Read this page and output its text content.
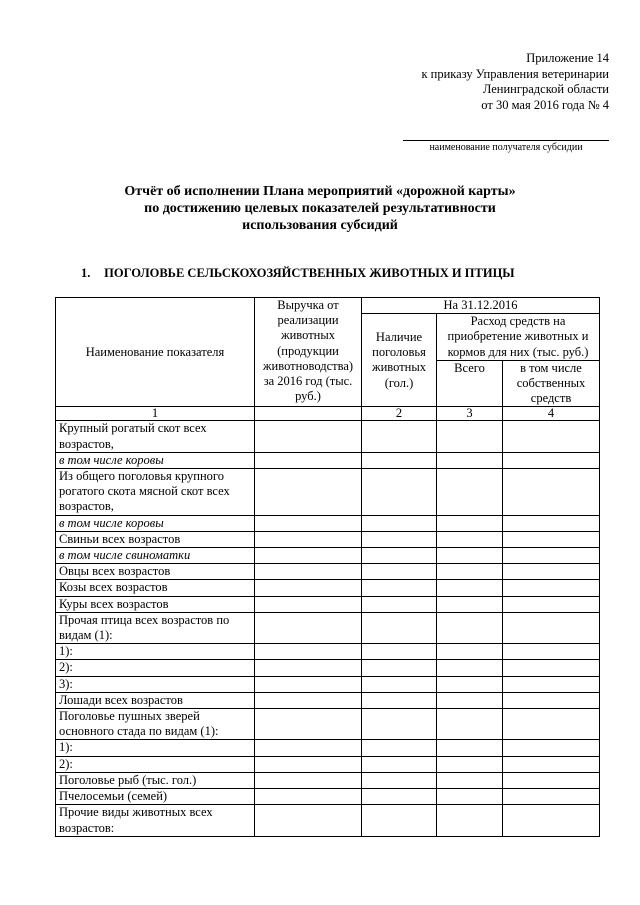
Приложение 14
к приказу Управления ветеринарии
Ленинградской области
от 30 мая 2016 года № 4
наименование получателя субсидии
Отчёт об исполнении Плана мероприятий «дорожной карты»
по достижению целевых показателей результативности
использования субсидий
1. ПОГОЛОВЬЕ СЕЛЬСКОХОЗЯЙСТВЕННЫХ ЖИВОТНЫХ И ПТИЦЫ
Наименование показателя	Выручка от реализации животных (продукции животноводства) за 2016 год (тыс. руб.)	На 31.12.2016		
		Наличие поголовья животных (гол.)	Расход средств на приобретение животных и кормов для них (тыс. руб.)	
			Всего	в том числе собственных средств
1		2	3	4
Крупный рогатый скот всех возрастов,				
в том числе коровы				
Из общего поголовья крупного рогатого скота мясной скот всех возрастов,				
в том числе коровы				
Свиньи всех возрастов				
в том числе свиноматки				
Овцы всех возрастов				
Козы всех возрастов				
Куры всех возрастов				
Прочая птица всех возрастов по видам (1):				
1):				
2):				
3):				
Лошади всех возрастов				
Поголовье пушных зверей основного стада по видам (1):				
1):				
2):				
Поголовье рыб (тыс. гол.)				
Пчелосемьи (семей)				
Прочие виды животных всех возрастов:				
